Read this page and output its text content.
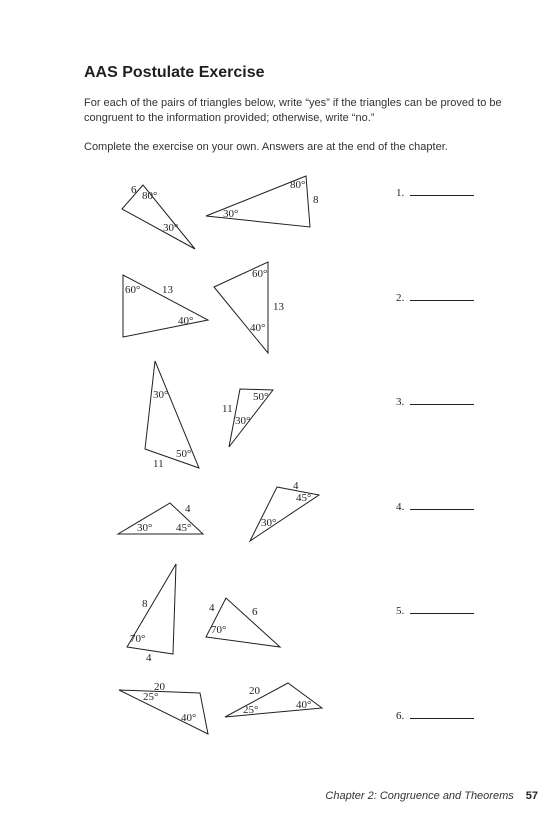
AAS Postulate Exercise

For each of the pairs of triangles below, write “yes” if the triangles can be proved to be congruent to the information provided; otherwise, write “no.”

Complete the exercise on your own. Answers are at the end of the chapter.

6 80°
30°
80°
8
30°
60° 13
40°
60°
13
40°
30°
50°
11
50°
11
30°
4
30° 45°
4
45°
30°
8
70°
4
4	6
70°
20
25°
40°
20
25°	40°
1.
2.
3.
4.
5.
6.
Chapter 2: Congruence and Theorems 57
